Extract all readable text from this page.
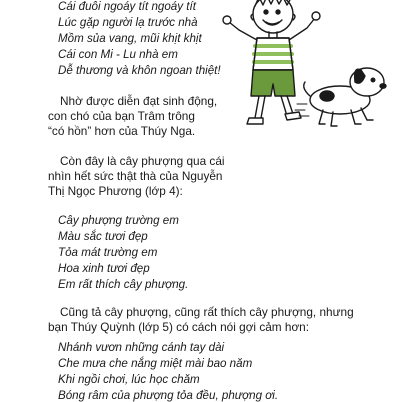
Cái đuôi ngoáy tít ngoáy tít
Lúc gặp người lạ trước nhà
Mồm sủa vang, mũi khịt khịt
Cái con Mi - Lu nhà em
Dễ thương và khôn ngoan thiệt!
Nhờ được diễn đạt sinh động,
con chó của bạn Trâm trông
“có hồn” hơn của Thúy Nga.
Còn đây là cây phượng qua cái
nhìn hết sức thật thà của Nguyễn
Thị Ngọc Phương (lớp 4):
Cây phượng trường em
Màu sắc tươi đẹp
Tỏa mát trường em
Hoa xinh tươi đẹp
Em rất thích cây phượng.
Cũng tả cây phượng, cũng rất thích cây phượng, nhưng
bạn Thúy Quỳnh (lớp 5) có cách nói gợi cảm hơn:
Nhánh vươn những cánh tay dài
Che mưa che nắng miệt mài bao năm
Khi ngồi chơi, lúc học chăm
Bóng râm của phượng tỏa đều, phượng ơi.
